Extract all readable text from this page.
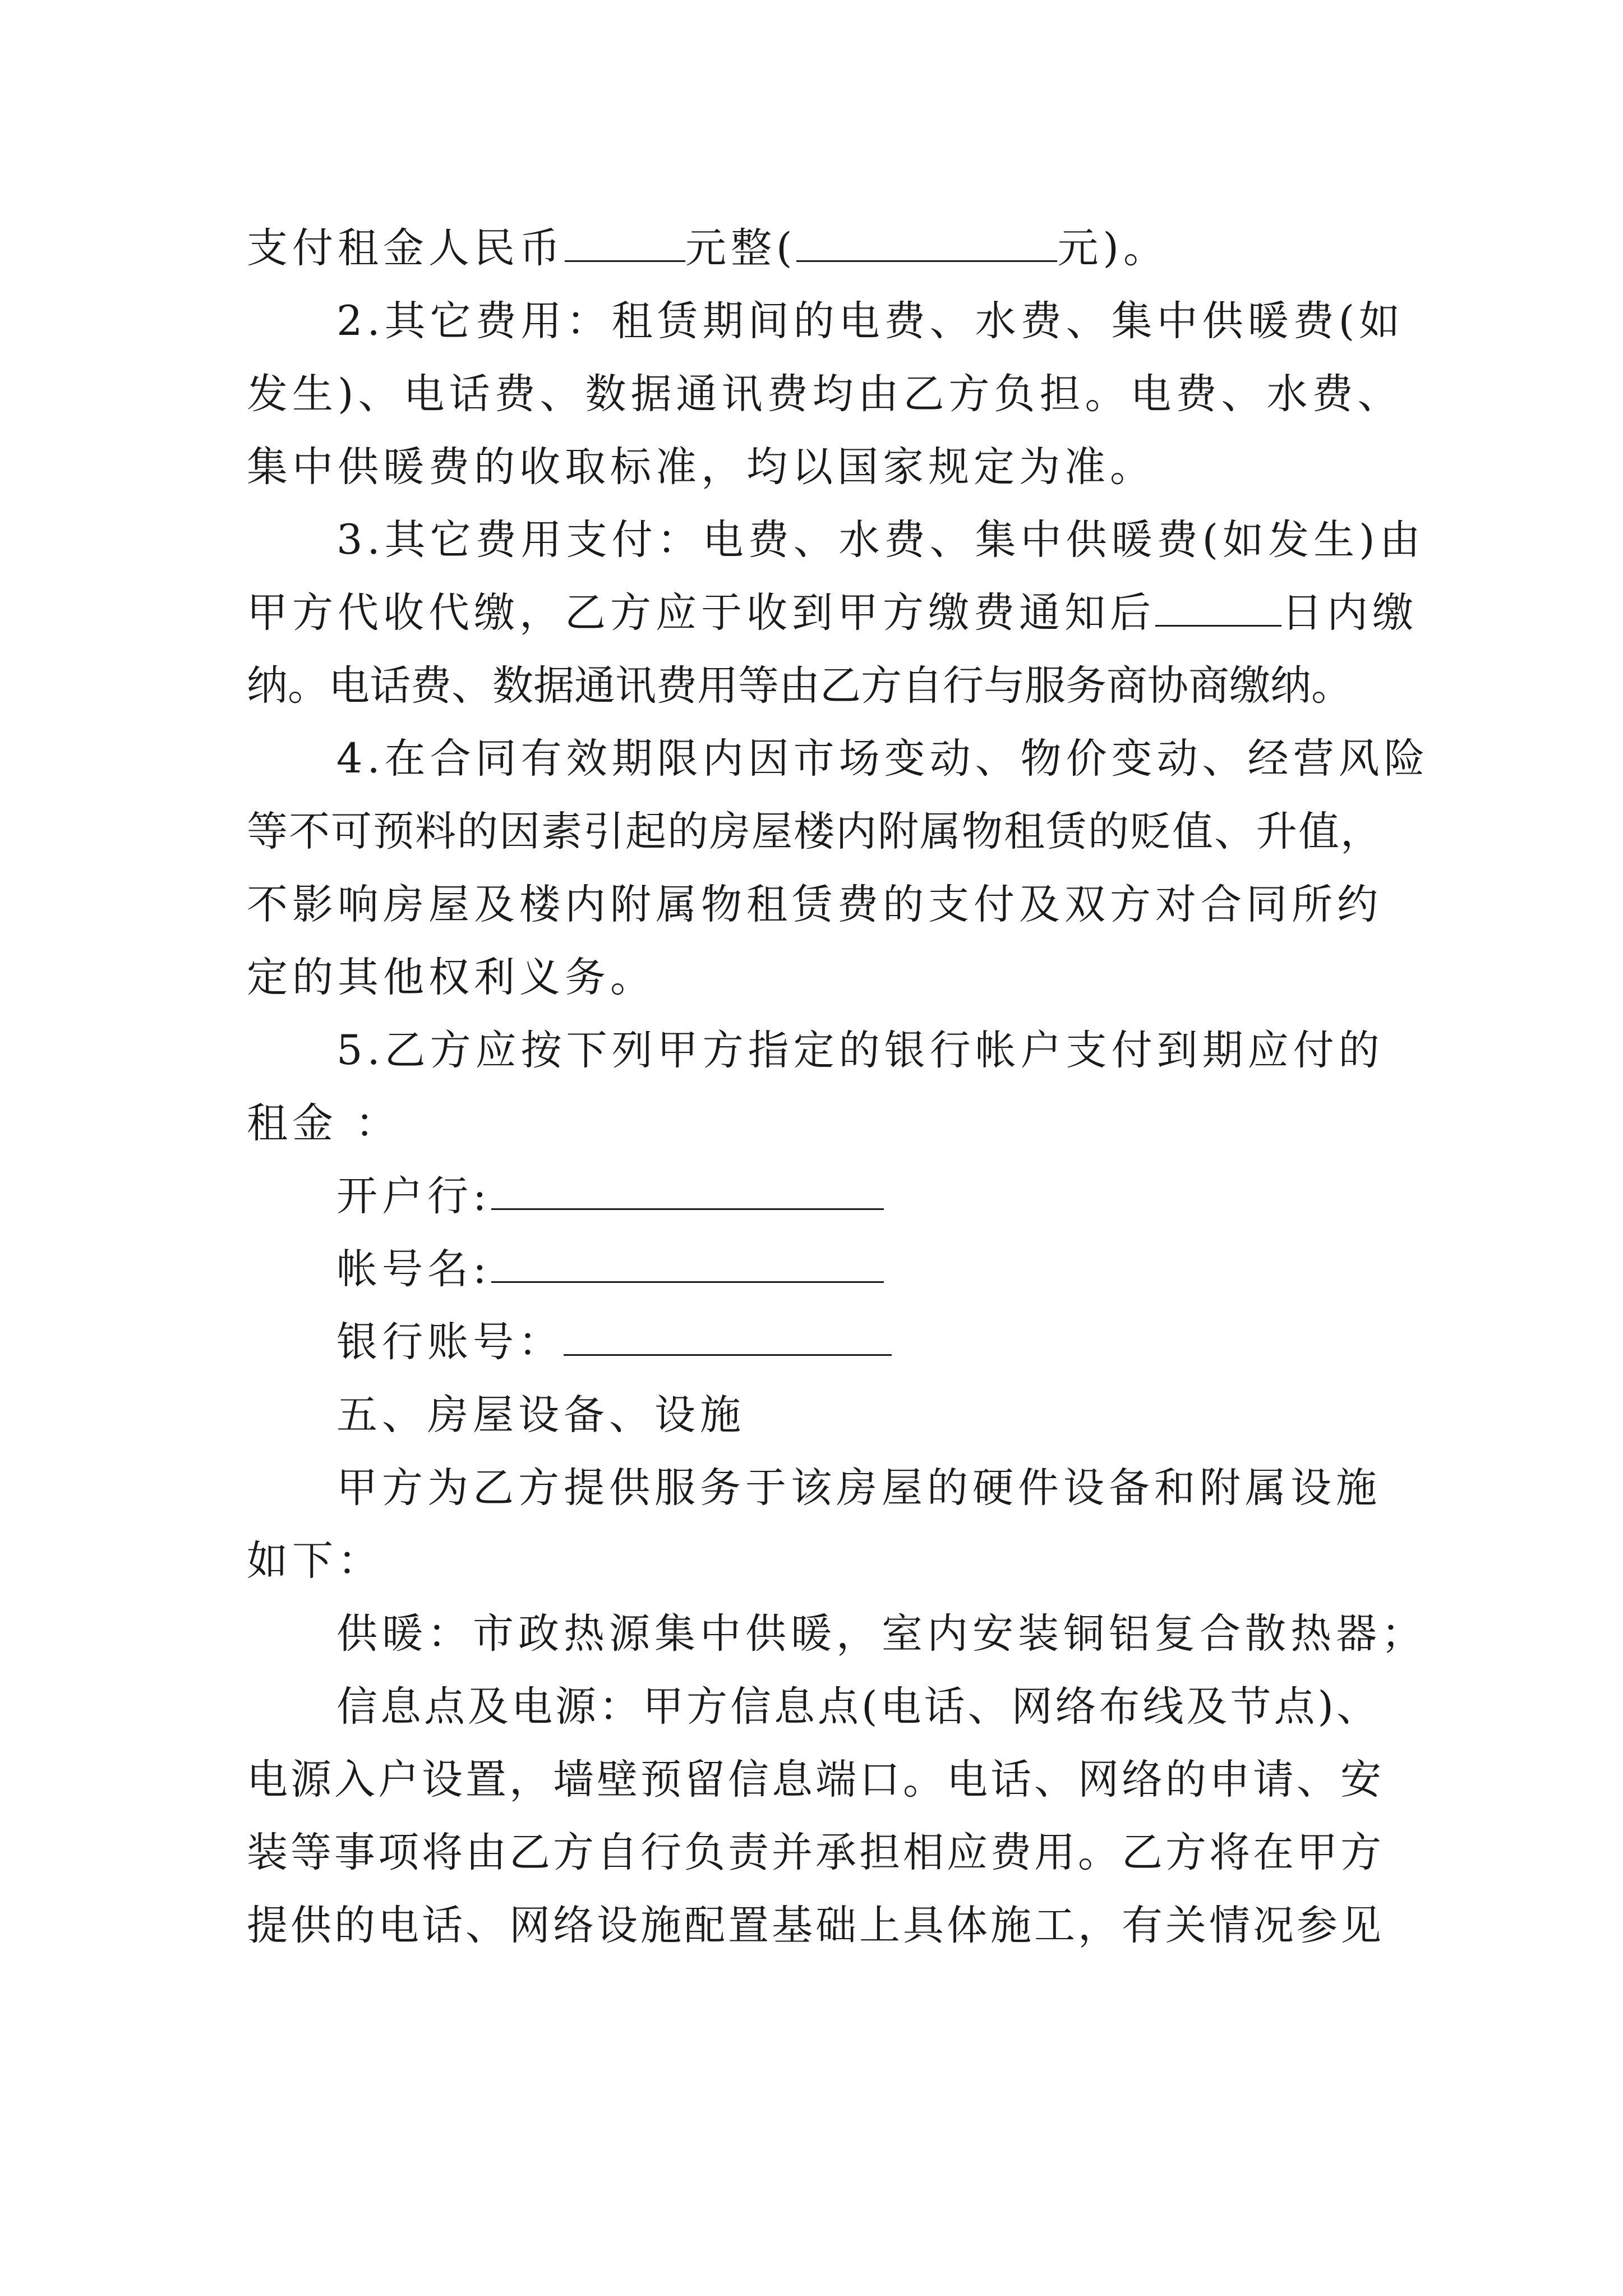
支付租金人民币	元整(	元)。
2.其它费用：租赁期间的电费、水费、集中供暖费(如
发生)、电话费、数据通讯费均由乙方负担。电费、水费、
集中供暖费的收取标准，均以国家规定为准。
3.其它费用支付：电费、水费、集中供暖费(如发生)由
甲方代收代缴，乙方应于收到甲方缴费通知后	日内缴
纳。电话费、数据通讯费用等由乙方自行与服务商协商缴纳。
4.在合同有效期限内因市场变动、物价变动、经营风险
等不可预料的因素引起的房屋楼内附属物租赁的贬值、升值，
不影响房屋及楼内附属物租赁费的支付及双方对合同所约
定的其他权利义务。
5.乙方应按下列甲方指定的银行帐户支付到期应付的
租金 ：
开户行:
帐号名:
银行账号：
五、房屋设备、设施
甲方为乙方提供服务于该房屋的硬件设备和附属设施
如下：
供暖：市政热源集中供暖，室内安装铜铝复合散热器；
信息点及电源：甲方信息点(电话、网络布线及节点)、
电源入户设置，墙壁预留信息端口。电话、网络的申请、安
装等事项将由乙方自行负责并承担相应费用。乙方将在甲方
提供的电话、网络设施配置基础上具体施工，有关情况参见
